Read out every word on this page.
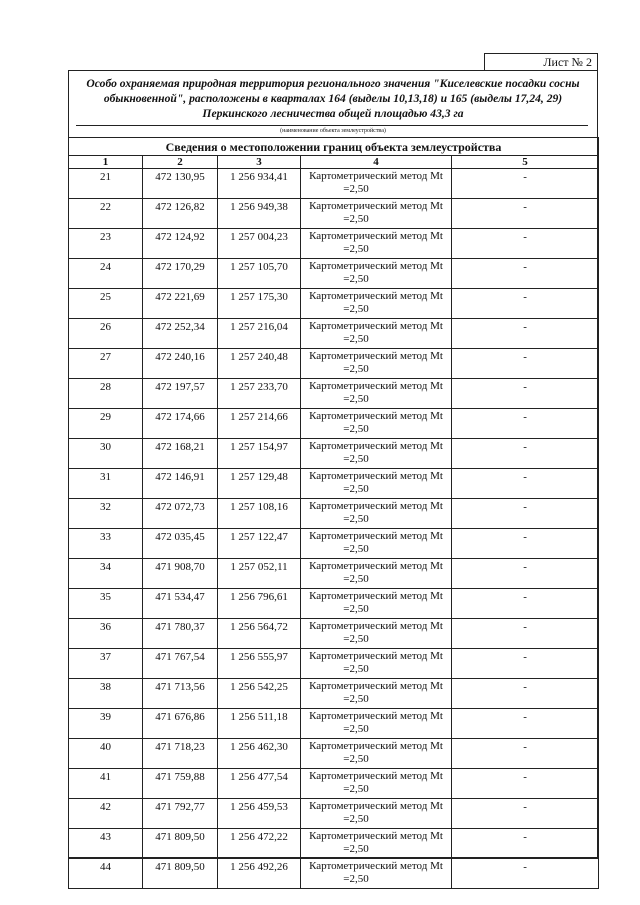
Лист № 2
Особо охраняемая природная территория регионального значения "Киселевские посадки сосны
обыкновенной", расположены в кварталах 164 (выделы 10,13,18) и 165 (выделы 17,24, 29)
Перкинского лесничества общей площадью 43,3 га
(наименование объекта землеустройства)
Сведения о местоположении границ объекта землеустройства				
1	2	3	4	5
21	472 130,95	1 256 934,41	Картометрический метод Mt
=2,50	-
22	472 126,82	1 256 949,38	Картометрический метод Mt
=2,50	-
23	472 124,92	1 257 004,23	Картометрический метод Mt
=2,50	-
24	472 170,29	1 257 105,70	Картометрический метод Mt
=2,50	-
25	472 221,69	1 257 175,30	Картометрический метод Mt
=2,50	-
26	472 252,34	1 257 216,04	Картометрический метод Mt
=2,50	-
27	472 240,16	1 257 240,48	Картометрический метод Mt
=2,50	-
28	472 197,57	1 257 233,70	Картометрический метод Mt
=2,50	-
29	472 174,66	1 257 214,66	Картометрический метод Mt
=2,50	-
30	472 168,21	1 257 154,97	Картометрический метод Mt
=2,50	-
31	472 146,91	1 257 129,48	Картометрический метод Mt
=2,50	-
32	472 072,73	1 257 108,16	Картометрический метод Mt
=2,50	-
33	472 035,45	1 257 122,47	Картометрический метод Mt
=2,50	-
34	471 908,70	1 257 052,11	Картометрический метод Mt
=2,50	-
35	471 534,47	1 256 796,61	Картометрический метод Mt
=2,50	-
36	471 780,37	1 256 564,72	Картометрический метод Mt
=2,50	-
37	471 767,54	1 256 555,97	Картометрический метод Mt
=2,50	-
38	471 713,56	1 256 542,25	Картометрический метод Mt
=2,50	-
39	471 676,86	1 256 511,18	Картометрический метод Mt
=2,50	-
40	471 718,23	1 256 462,30	Картометрический метод Mt
=2,50	-
41	471 759,88	1 256 477,54	Картометрический метод Mt
=2,50	-
42	471 792,77	1 256 459,53	Картометрический метод Mt
=2,50	-
43	471 809,50	1 256 472,22	Картометрический метод Mt
=2,50	-
44	471 809,50	1 256 492,26	Картометрический метод Mt
=2,50	-
